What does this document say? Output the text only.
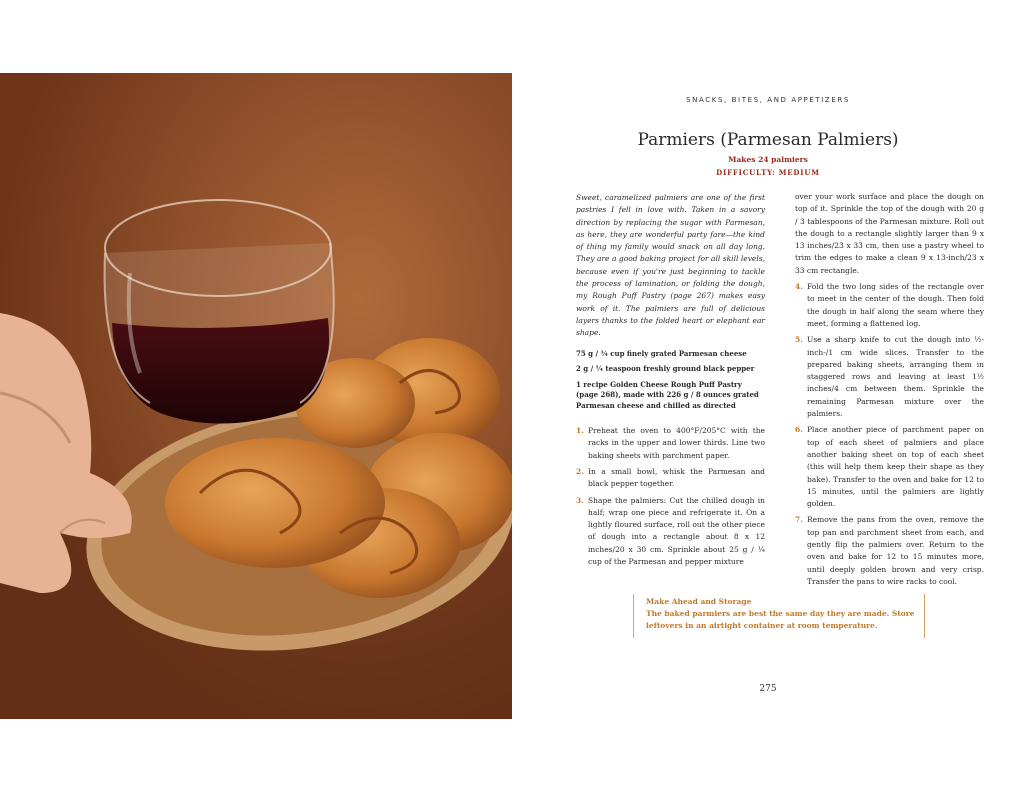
SNACKS, BITES, AND APPETIZERS
Parmiers (Parmesan Palmiers)
Makes 24 palmiers
DIFFICULTY: MEDIUM

Sweet, caramelized palmiers are one of the first pastries I fell in love with. Taken in a savory direction by replacing the sugar with Parmesan, as here, they are wonderful party fare—the kind of thing my family would snack on all day long. They are a good baking project for all skill levels, because even if you're just beginning to tackle the process of lamination, or folding the dough, my Rough Puff Pastry (page 267) makes easy work of it. The palmiers are full of delicious layers thanks to the folded heart or elephant ear shape.

75 g / ¾ cup finely grated Parmesan cheese
2 g / ¼ teaspoon freshly ground black pepper
1 recipe Golden Cheese Rough Puff Pastry (page 268), made with 226 g / 8 ounces grated Parmesan cheese and chilled as directed
1. Preheat the oven to 400°F/205°C with the racks in the upper and lower thirds. Line two baking sheets with parchment paper.
2. In a small bowl, whisk the Parmesan and black pepper together.
3. Shape the palmiers: Cut the chilled dough in half; wrap one piece and refrigerate it. On a lightly floured surface, roll out the other piece of dough into a rectangle about 8 x 12 inches/20 x 30 cm. Sprinkle about 25 g / ¼ cup of the Parmesan and pepper mixture

over your work surface and place the dough on top of it. Sprinkle the top of the dough with 20 g / 3 tablespoons of the Parmesan mixture. Roll out the dough to a rectangle slightly larger than 9 x 13 inches/23 x 33 cm, then use a pastry wheel to trim the edges to make a clean 9 x 13-inch/23 x 33 cm rectangle.

4. Fold the two long sides of the rectangle over to meet in the center of the dough. Then fold the dough in half along the seam where they meet, forming a flattened log.
5. Use a sharp knife to cut the dough into ½-inch-/1 cm wide slices. Transfer to the prepared baking sheets, arranging them in staggered rows and leaving at least 1½ inches/4 cm between them. Sprinkle the remaining Parmesan mixture over the palmiers.
6. Place another piece of parchment paper on top of each sheet of palmiers and place another baking sheet on top of each sheet (this will help them keep their shape as they bake). Transfer to the oven and bake for 12 to 15 minutes, until the palmiers are lightly golden.
7. Remove the pans from the oven, remove the top pan and parchment sheet from each, and gently flip the palmiers over. Return to the oven and bake for 12 to 15 minutes more, until deeply golden brown and very crisp. Transfer the pans to wire racks to cool.
Make Ahead and Storage
The baked parmiers are best the same day they are made. Store leftovers in an airtight container at room temperature.
275
